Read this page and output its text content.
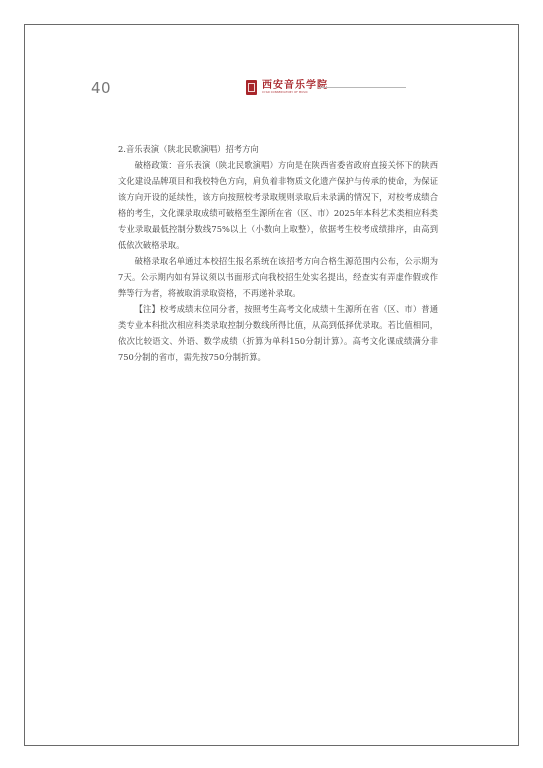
40	西安音乐学院
XI'AN CONSERVATORY OF MUSIC

2.音乐表演（陕北民歌演唱）招考方向

破格政策：音乐表演（陕北民歌演唱）方向是在陕西省委省政府直接关怀下的陕西文化建设品牌项目和我校特色方向，肩负着非物质文化遗产保护与传承的使命，为保证该方向开设的延续性，该方向按照校考录取规则录取后未录满的情况下，对校考成绩合格的考生，文化课录取成绩可破格至生源所在省（区、市）2025年本科艺术类相应科类专业录取最低控制分数线75%以上（小数向上取整），依据考生校考成绩排序，由高到低依次破格录取。

破格录取名单通过本校招生报名系统在该招考方向合格生源范围内公布，公示期为7天。公示期内如有异议须以书面形式向我校招生处实名提出，经查实有弄虚作假或作弊等行为者，将被取消录取资格，不再递补录取。

【注】校考成绩末位同分者，按照考生高考文化成绩＋生源所在省（区、市）普通类专业本科批次相应科类录取控制分数线所得比值，从高到低择优录取。若比值相同，依次比较语文、外语、数学成绩（折算为单科150分制计算）。高考文化课成绩满分非750分制的省市，需先按750分制折算。
